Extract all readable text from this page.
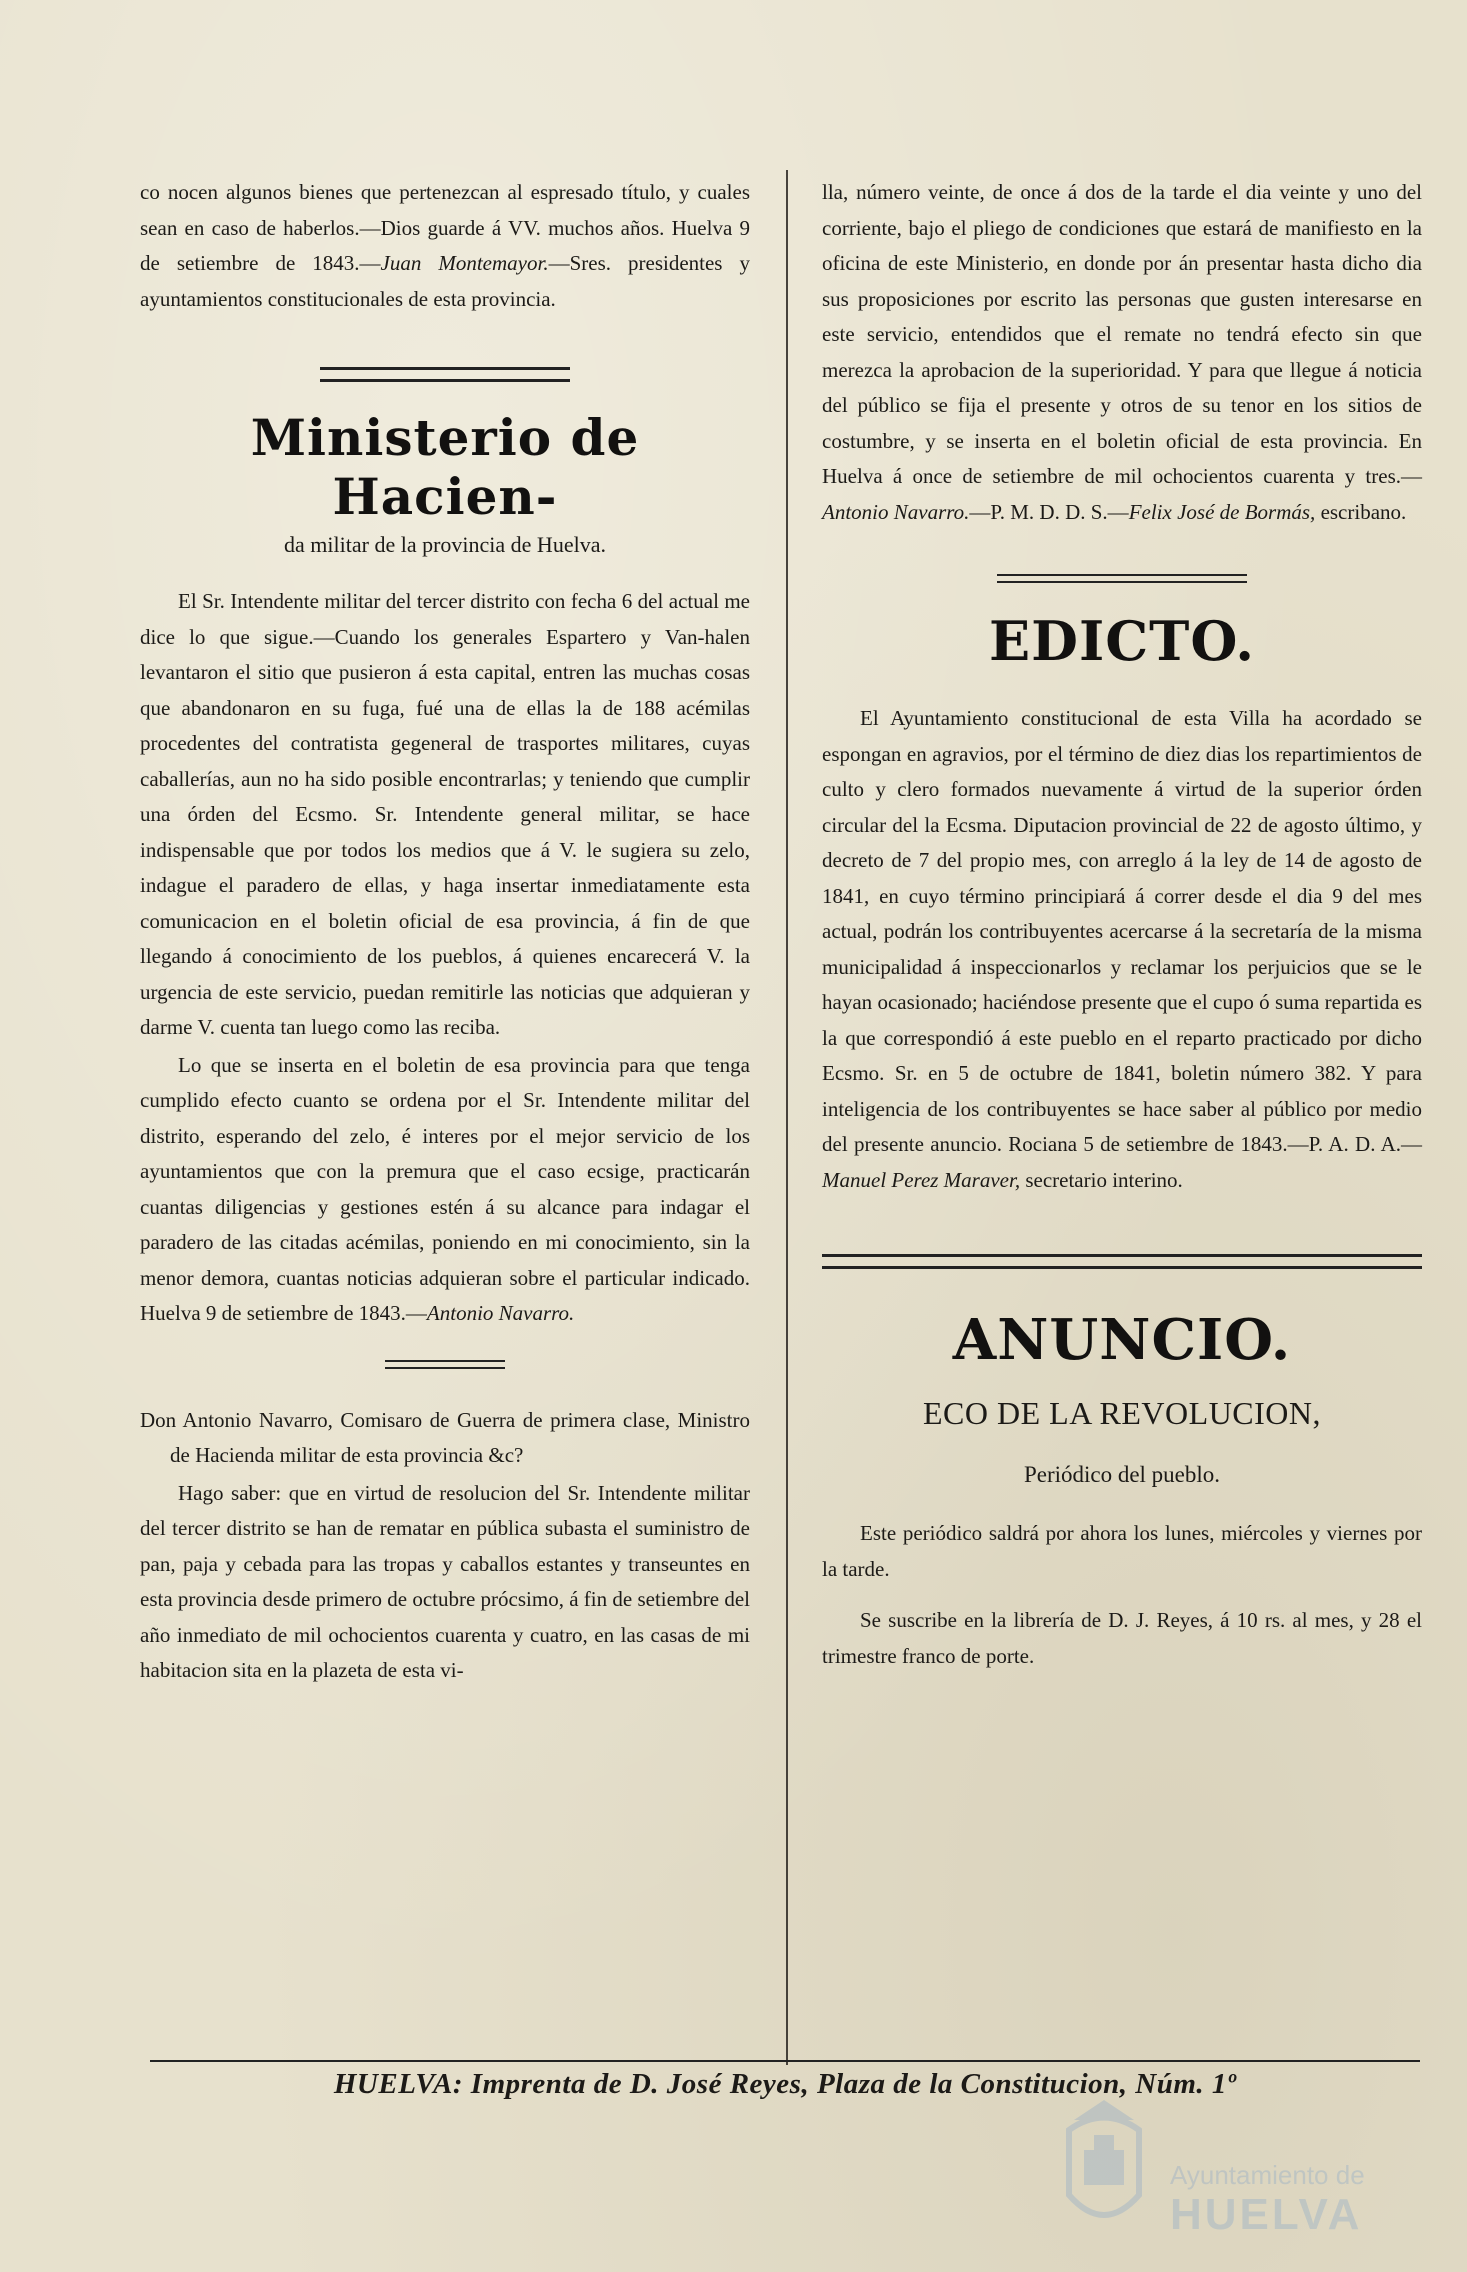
co nocen algunos bienes que pertenezcan al espresado título, y cuales sean en caso de haberlos.—Dios guarde á VV. muchos años. Huelva 9 de setiembre de 1843.—Juan Montemayor.—Sres. presidentes y ayuntamientos constitucionales de esta provincia.

Ministerio de Hacien-
da militar de la provincia de Huelva.

El Sr. Intendente militar del tercer distrito con fecha 6 del actual me dice lo que sigue.—Cuando los generales Espartero y Van-halen levantaron el sitio que pusieron á esta capital, entren las muchas cosas que abandonaron en su fuga, fué una de ellas la de 188 acémilas procedentes del contratista gegeneral de trasportes militares, cuyas caballerías, aun no ha sido posible encontrarlas; y teniendo que cumplir una órden del Ecsmo. Sr. Intendente general militar, se hace indispensable que por todos los medios que á V. le sugiera su zelo, indague el paradero de ellas, y haga insertar inmediatamente esta comunicacion en el boletin oficial de esa provincia, á fin de que llegando á conocimiento de los pueblos, á quienes encarecerá V. la urgencia de este servicio, puedan remitirle las noticias que adquieran y darme V. cuenta tan luego como las reciba.

Lo que se inserta en el boletin de esa provincia para que tenga cumplido efecto cuanto se ordena por el Sr. Intendente militar del distrito, esperando del zelo, é interes por el mejor servicio de los ayuntamientos que con la premura que el caso ecsige, practicarán cuantas diligencias y gestiones estén á su alcance para indagar el paradero de las citadas acémilas, poniendo en mi conocimiento, sin la menor demora, cuantas noticias adquieran sobre el particular indicado. Huelva 9 de setiembre de 1843.—Antonio Navarro.

Don Antonio Navarro, Comisaro de Guerra de primera clase, Ministro de Hacienda militar de esta provincia &c?

Hago saber: que en virtud de resolucion del Sr. Intendente militar del tercer distrito se han de rematar en pública subasta el suministro de pan, paja y cebada para las tropas y caballos estantes y transeuntes en esta provincia desde primero de octubre prócsimo, á fin de setiembre del año inmediato de mil ochocientos cuarenta y cuatro, en las casas de mi habitacion sita en la plazeta de esta vi-

lla, número veinte, de once á dos de la tarde el dia veinte y uno del corriente, bajo el pliego de condiciones que estará de manifiesto en la oficina de este Ministerio, en donde por án presentar hasta dicho dia sus proposiciones por escrito las personas que gusten interesarse en este servicio, entendidos que el remate no tendrá efecto sin que merezca la aprobacion de la superioridad. Y para que llegue á noticia del público se fija el presente y otros de su tenor en los sitios de costumbre, y se inserta en el boletin oficial de esta provincia. En Huelva á once de setiembre de mil ochocientos cuarenta y tres.—Antonio Navarro.—P. M. D. D. S.—Felix José de Bormás, escribano.

EDICTO.

El Ayuntamiento constitucional de esta Villa ha acordado se espongan en agravios, por el término de diez dias los repartimientos de culto y clero formados nuevamente á virtud de la superior órden circular del la Ecsma. Diputacion provincial de 22 de agosto último, y decreto de 7 del propio mes, con arreglo á la ley de 14 de agosto de 1841, en cuyo término principiará á correr desde el dia 9 del mes actual, podrán los contribuyentes acercarse á la secretaría de la misma municipalidad á inspeccionarlos y reclamar los perjuicios que se le hayan ocasionado; haciéndose presente que el cupo ó suma repartida es la que correspondió á este pueblo en el reparto practicado por dicho Ecsmo. Sr. en 5 de octubre de 1841, boletin número 382. Y para inteligencia de los contribuyentes se hace saber al público por medio del presente anuncio. Rociana 5 de setiembre de 1843.—P. A. D. A.—Manuel Perez Maraver, secretario interino.

ANUNCIO.
ECO DE LA REVOLUCION,
Periódico del pueblo.

Este periódico saldrá por ahora los lunes, miércoles y viernes por la tarde.

Se suscribe en la librería de D. J. Reyes, á 10 rs. al mes, y 28 el trimestre franco de porte.

HUELVA: Imprenta de D. José Reyes, Plaza de la Constitucion, Núm. 1º
Ayuntamiento de
HUELVA
